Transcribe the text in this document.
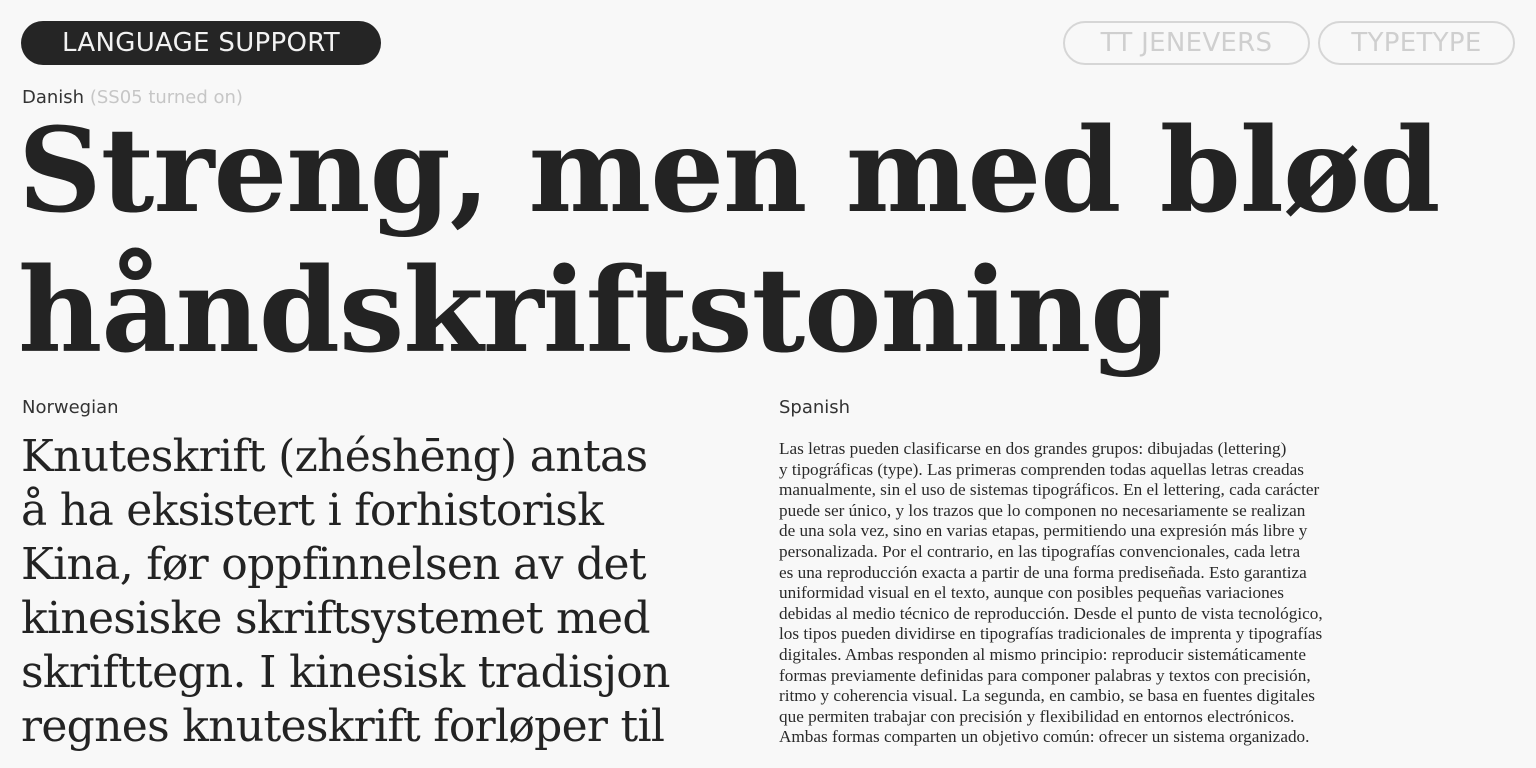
LANGUAGE SUPPORT	TT JENEVERS	TYPETYPE
Danish (SS05 turned on)
Streng, men med blød
håndskriftstoning
Norwegian
Knuteskrift (zhéshēng) antas
å ha eksistert i forhistorisk
Kina, før oppfinnelsen av det
kinesiske skriftsystemet med
skrifttegn. I kinesisk tradisjon
regnes knuteskrift forløper til
Spanish
Las letras pueden clasificarse en dos grandes grupos: dibujadas (lettering)
y tipográficas (type). Las primeras comprenden todas aquellas letras creadas
manualmente, sin el uso de sistemas tipográficos. En el lettering, cada carácter
puede ser único, y los trazos que lo componen no necesariamente se realizan
de una sola vez, sino en varias etapas, permitiendo una expresión más libre y
personalizada. Por el contrario, en las tipografías convencionales, cada letra
es una reproducción exacta a partir de una forma prediseñada. Esto garantiza
uniformidad visual en el texto, aunque con posibles pequeñas variaciones
debidas al medio técnico de reproducción. Desde el punto de vista tecnológico,
los tipos pueden dividirse en tipografías tradicionales de imprenta y tipografías
digitales. Ambas responden al mismo principio: reproducir sistemáticamente
formas previamente definidas para componer palabras y textos con precisión,
ritmo y coherencia visual. La segunda, en cambio, se basa en fuentes digitales
que permiten trabajar con precisión y flexibilidad en entornos electrónicos.
Ambas formas comparten un objetivo común: ofrecer un sistema organizado.
